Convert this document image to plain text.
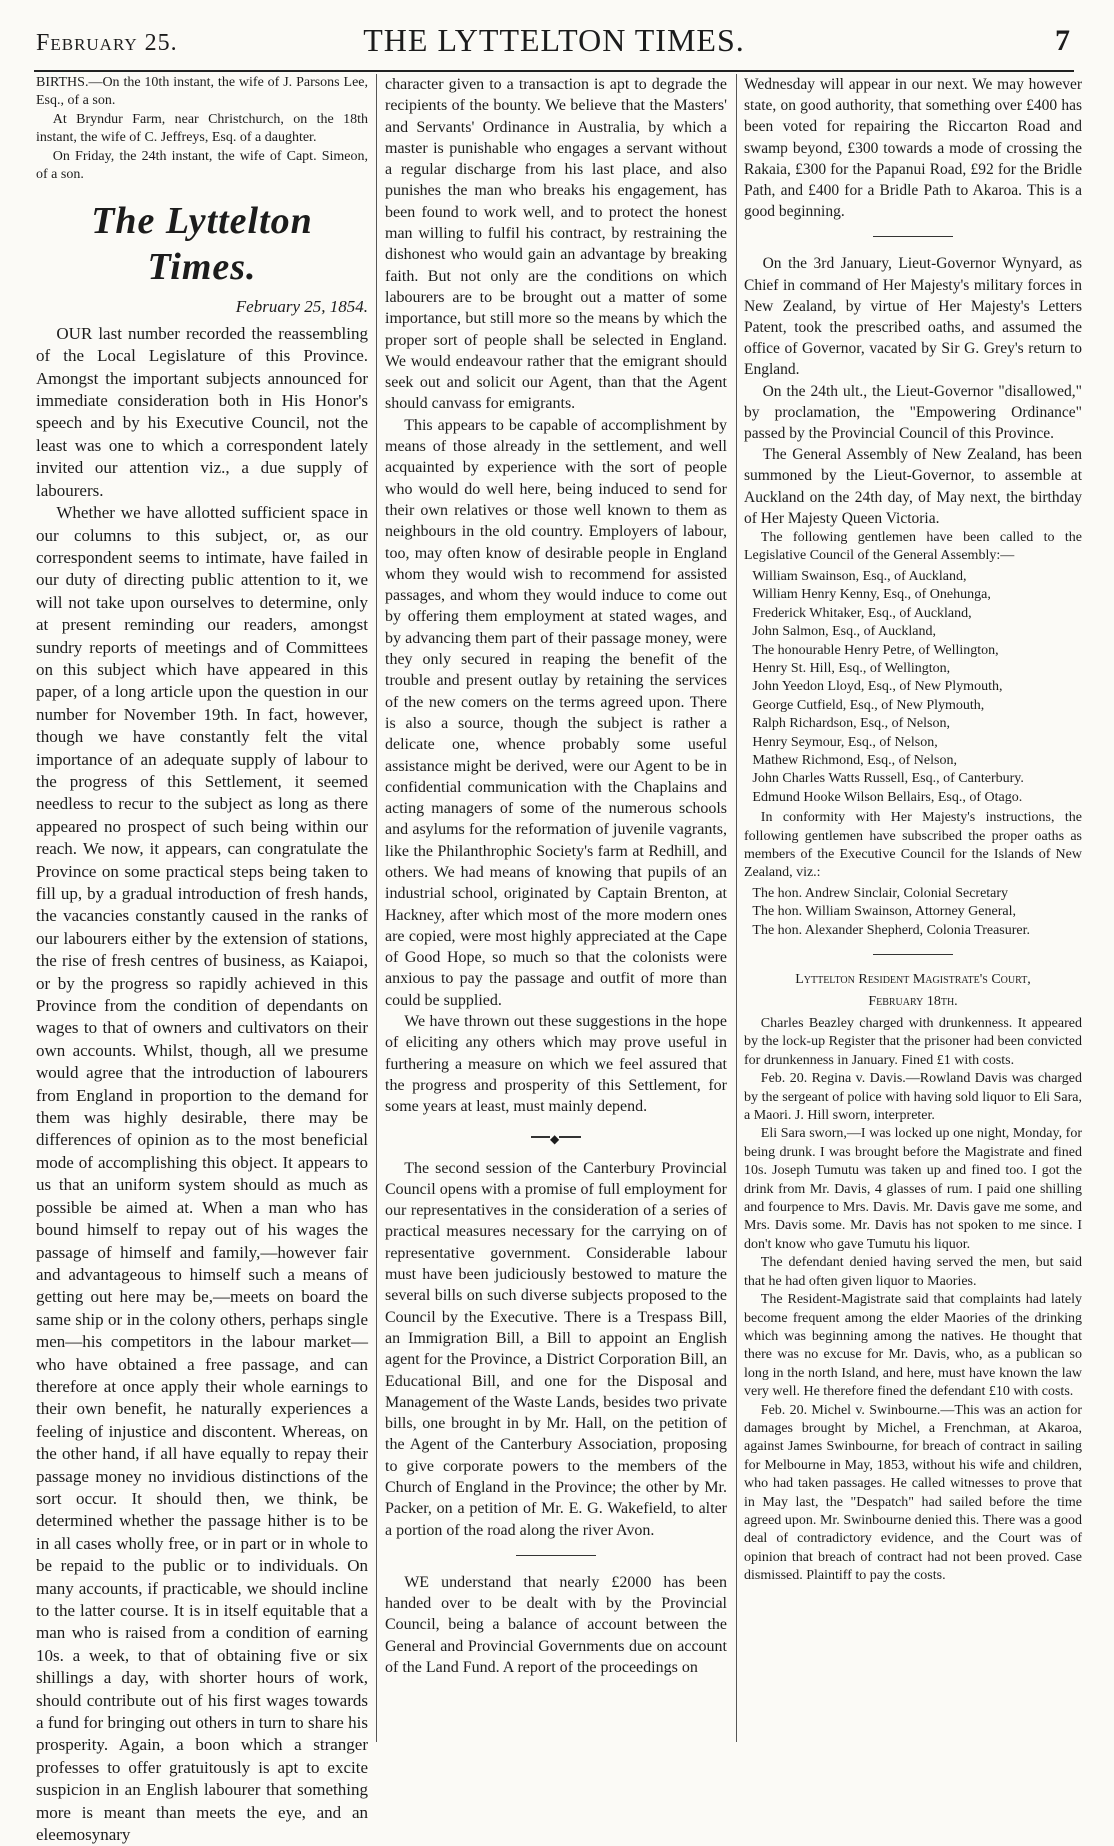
February 25.	THE LYTTELTON TIMES.	7

BIRTHS.—On the 10th instant, the wife of J. Parsons Lee, Esq., of a son.

At Bryndur Farm, near Christchurch, on the 18th instant, the wife of C. Jeffreys, Esq. of a daughter.

On Friday, the 24th instant, the wife of Capt. Simeon, of a son.

The Lyttelton Times.
February 25, 1854.

OUR last number recorded the reassembling of the Local Legislature of this Province. Amongst the important subjects announced for immediate consideration both in His Honor's speech and by his Executive Council, not the least was one to which a correspondent lately invited our attention viz., a due supply of labourers.

Whether we have allotted sufficient space in our columns to this subject, or, as our correspondent seems to intimate, have failed in our duty of directing public attention to it, we will not take upon ourselves to determine, only at present reminding our readers, amongst sundry reports of meetings and of Committees on this subject which have appeared in this paper, of a long article upon the question in our number for November 19th. In fact, however, though we have constantly felt the vital importance of an adequate supply of labour to the progress of this Settlement, it seemed needless to recur to the subject as long as there appeared no prospect of such being within our reach. We now, it appears, can congratulate the Province on some practical steps being taken to fill up, by a gradual introduction of fresh hands, the vacancies constantly caused in the ranks of our labourers either by the extension of stations, the rise of fresh centres of business, as Kaiapoi, or by the progress so rapidly achieved in this Province from the condition of dependants on wages to that of owners and cultivators on their own accounts. Whilst, though, all we presume would agree that the introduction of labourers from England in proportion to the demand for them was highly desirable, there may be differences of opinion as to the most beneficial mode of accomplishing this object. It appears to us that an uniform system should as much as possible be aimed at. When a man who has bound himself to repay out of his wages the passage of himself and family,—however fair and advantageous to himself such a means of getting out here may be,—meets on board the same ship or in the colony others, perhaps single men—his competitors in the labour market—who have obtained a free passage, and can therefore at once apply their whole earnings to their own benefit, he naturally experiences a feeling of injustice and discontent. Whereas, on the other hand, if all have equally to repay their passage money no invidious distinctions of the sort occur. It should then, we think, be determined whether the passage hither is to be in all cases wholly free, or in part or in whole to be repaid to the public or to individuals. On many accounts, if practicable, we should incline to the latter course. It is in itself equitable that a man who is raised from a condition of earning 10s. a week, to that of obtaining five or six shillings a day, with shorter hours of work, should contribute out of his first wages towards a fund for bringing out others in turn to share his prosperity. Again, a boon which a stranger professes to offer gratuitously is apt to excite suspicion in an English labourer that something more is meant than meets the eye, and an eleemosynary

character given to a transaction is apt to degrade the recipients of the bounty. We believe that the Masters' and Servants' Ordinance in Australia, by which a master is punishable who engages a servant without a regular discharge from his last place, and also punishes the man who breaks his engagement, has been found to work well, and to protect the honest man willing to fulfil his contract, by restraining the dishonest who would gain an advantage by breaking faith. But not only are the conditions on which labourers are to be brought out a matter of some importance, but still more so the means by which the proper sort of people shall be selected in England. We would endeavour rather that the emigrant should seek out and solicit our Agent, than that the Agent should canvass for emigrants.

This appears to be capable of accomplishment by means of those already in the settlement, and well acquainted by experience with the sort of people who would do well here, being induced to send for their own relatives or those well known to them as neighbours in the old country. Employers of labour, too, may often know of desirable people in England whom they would wish to recommend for assisted passages, and whom they would induce to come out by offering them employment at stated wages, and by advancing them part of their passage money, were they only secured in reaping the benefit of the trouble and present outlay by retaining the services of the new comers on the terms agreed upon. There is also a source, though the subject is rather a delicate one, whence probably some useful assistance might be derived, were our Agent to be in confidential communication with the Chaplains and acting managers of some of the numerous schools and asylums for the reformation of juvenile vagrants, like the Philanthrophic Society's farm at Redhill, and others. We had means of knowing that pupils of an industrial school, originated by Captain Brenton, at Hackney, after which most of the more modern ones are copied, were most highly appreciated at the Cape of Good Hope, so much so that the colonists were anxious to pay the passage and outfit of more than could be supplied.

We have thrown out these suggestions in the hope of eliciting any others which may prove useful in furthering a measure on which we feel assured that the progress and prosperity of this Settlement, for some years at least, must mainly depend.

◆

The second session of the Canterbury Provincial Council opens with a promise of full employment for our representatives in the consideration of a series of practical measures necessary for the carrying on of representative government. Considerable labour must have been judiciously bestowed to mature the several bills on such diverse subjects proposed to the Council by the Executive. There is a Trespass Bill, an Immigration Bill, a Bill to appoint an English agent for the Province, a District Corporation Bill, an Educational Bill, and one for the Disposal and Management of the Waste Lands, besides two private bills, one brought in by Mr. Hall, on the petition of the Agent of the Canterbury Association, proposing to give corporate powers to the members of the Church of England in the Province; the other by Mr. Packer, on a petition of Mr. E. G. Wakefield, to alter a portion of the road along the river Avon.

WE understand that nearly £2000 has been handed over to be dealt with by the Provincial Council, being a balance of account between the General and Provincial Governments due on account of the Land Fund. A report of the proceedings on

Wednesday will appear in our next. We may however state, on good authority, that something over £400 has been voted for repairing the Riccarton Road and swamp beyond, £300 towards a mode of crossing the Rakaia, £300 for the Papanui Road, £92 for the Bridle Path, and £400 for a Bridle Path to Akaroa. This is a good beginning.

On the 3rd January, Lieut-Governor Wynyard, as Chief in command of Her Majesty's military forces in New Zealand, by virtue of Her Majesty's Letters Patent, took the prescribed oaths, and assumed the office of Governor, vacated by Sir G. Grey's return to England.

On the 24th ult., the Lieut-Governor "disallowed," by proclamation, the "Empowering Ordinance" passed by the Provincial Council of this Province.

The General Assembly of New Zealand, has been summoned by the Lieut-Governor, to assemble at Auckland on the 24th day, of May next, the birthday of Her Majesty Queen Victoria.

The following gentlemen have been called to the Legislative Council of the General Assembly:—

William Swainson, Esq., of Auckland,
William Henry Kenny, Esq., of Onehunga,
Frederick Whitaker, Esq., of Auckland,
John Salmon, Esq., of Auckland,
The honourable Henry Petre, of Wellington,
Henry St. Hill, Esq., of Wellington,
John Yeedon Lloyd, Esq., of New Plymouth,
George Cutfield, Esq., of New Plymouth,
Ralph Richardson, Esq., of Nelson,
Henry Seymour, Esq., of Nelson,
Mathew Richmond, Esq., of Nelson,
John Charles Watts Russell, Esq., of Canterbury.
Edmund Hooke Wilson Bellairs, Esq., of Otago.

In conformity with Her Majesty's instructions, the following gentlemen have subscribed the proper oaths as members of the Executive Council for the Islands of New Zealand, viz.:

The hon. Andrew Sinclair, Colonial Secretary
The hon. William Swainson, Attorney General,
The hon. Alexander Shepherd, Colonia Treasurer.
Lyttelton Resident Magistrate's Court,
February 18th.

Charles Beazley charged with drunkenness. It appeared by the lock-up Register that the prisoner had been convicted for drunkenness in January. Fined £1 with costs.

Feb. 20. Regina v. Davis.—Rowland Davis was charged by the sergeant of police with having sold liquor to Eli Sara, a Maori. J. Hill sworn, interpreter.

Eli Sara sworn,—I was locked up one night, Monday, for being drunk. I was brought before the Magistrate and fined 10s. Joseph Tumutu was taken up and fined too. I got the drink from Mr. Davis, 4 glasses of rum. I paid one shilling and fourpence to Mrs. Davis. Mr. Davis gave me some, and Mrs. Davis some. Mr. Davis has not spoken to me since. I don't know who gave Tumutu his liquor.

The defendant denied having served the men, but said that he had often given liquor to Maories.

The Resident-Magistrate said that complaints had lately become frequent among the elder Maories of the drinking which was beginning among the natives. He thought that there was no excuse for Mr. Davis, who, as a publican so long in the north Island, and here, must have known the law very well. He therefore fined the defendant £10 with costs.

Feb. 20. Michel v. Swinbourne.—This was an action for damages brought by Michel, a Frenchman, at Akaroa, against James Swinbourne, for breach of contract in sailing for Melbourne in May, 1853, without his wife and children, who had taken passages. He called witnesses to prove that in May last, the "Despatch" had sailed before the time agreed upon. Mr. Swinbourne denied this. There was a good deal of contradictory evidence, and the Court was of opinion that breach of contract had not been proved. Case dismissed. Plaintiff to pay the costs.
